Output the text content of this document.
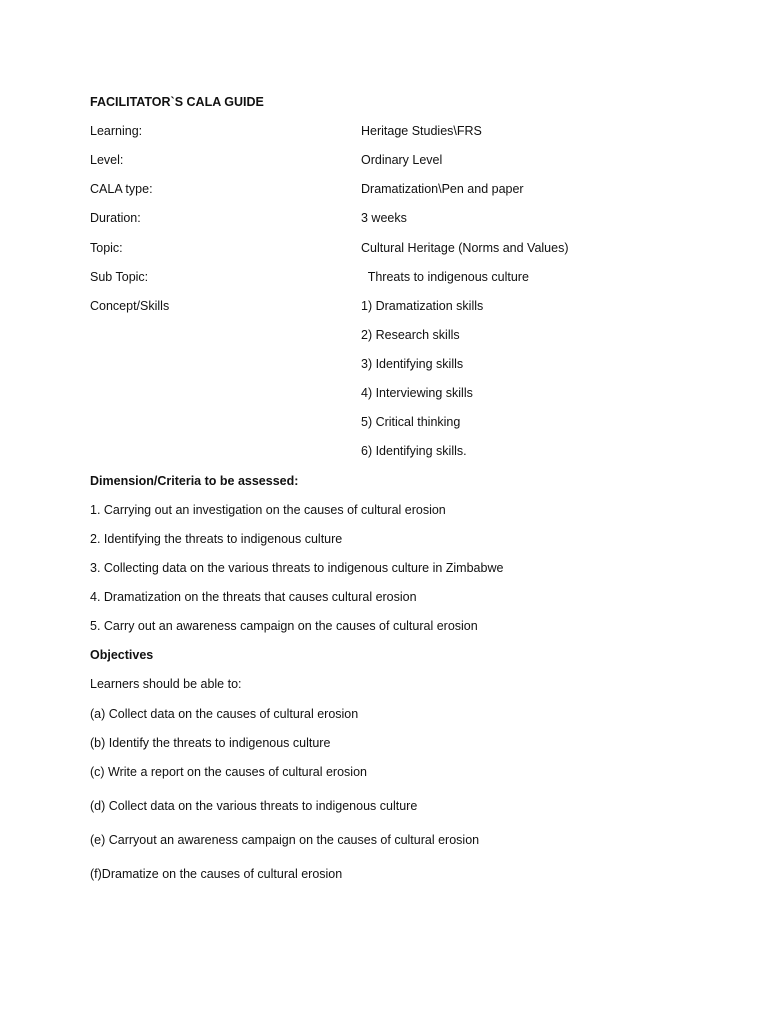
FACILITATOR`S CALA GUIDE
Learning:	Heritage Studies\FRS
Level:	Ordinary Level
CALA type:	Dramatization\Pen and paper
Duration:	3 weeks
Topic:	Cultural Heritage (Norms and Values)
Sub Topic:	Threats to indigenous culture
Concept/Skills	1) Dramatization skills
2) Research skills
3) Identifying skills
4) Interviewing skills
5) Critical thinking
6) Identifying skills.
Dimension/Criteria to be assessed:
1. Carrying out an investigation on the causes of cultural erosion
2. Identifying the threats to indigenous culture
3. Collecting data on the various threats to indigenous culture in Zimbabwe
4. Dramatization on the threats that causes cultural erosion
5. Carry out an awareness campaign on the causes of cultural erosion
Objectives
Learners should be able to:
(a) Collect data on the causes of cultural erosion
(b) Identify the threats to indigenous culture
(c) Write a report on the causes of cultural erosion
(d) Collect data on the various threats to indigenous culture
(e) Carryout an awareness campaign on the causes of cultural erosion
(f)Dramatize on the causes of cultural erosion
